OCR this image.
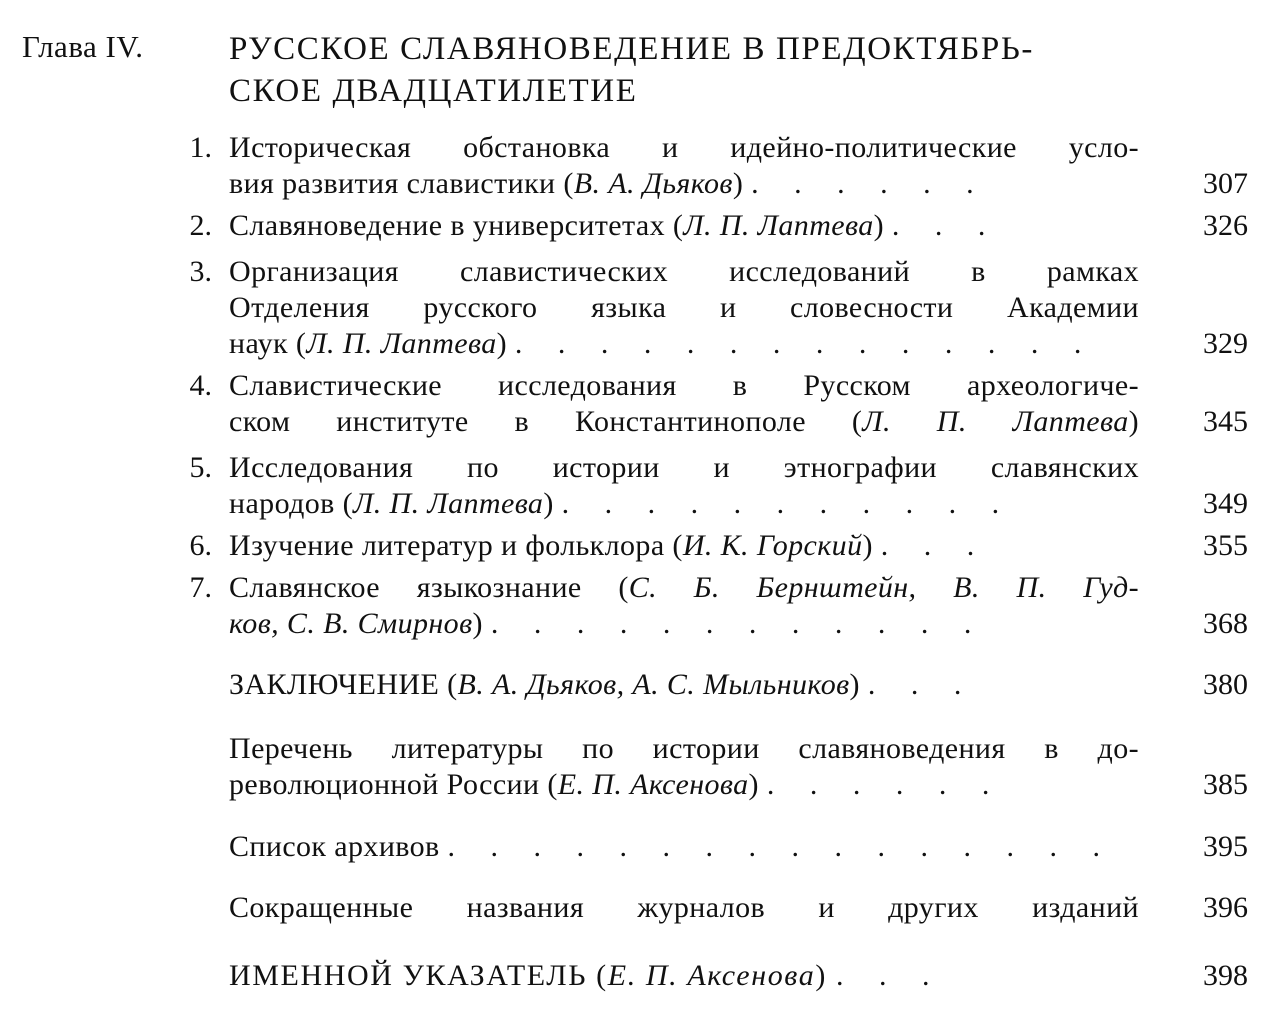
Глава IV.	РУССКОЕ СЛАВЯНОВЕДЕНИЕ В ПРЕДОКТЯБРЬ-
СКОЕ ДВАДЦАТИЛЕТИЕ
1. Историческая обстановка и идейно-политические усло-
вия развития славистики (В. А. Дьяков) . . . . . .	307
2. Славяноведение в университетах (Л. П. Лаптева) . . .	326
3. Организация славистических исследований в рамках
Отделения русского языка и словесности Академии
наук (Л. П. Лаптева) . . . . . . . . . . . . . .	329
4. Славистические исследования в Русском археологиче-
ском институте в Константинополе (Л. П. Лаптева)	345
5. Исследования по истории и этнографии славянских
народов (Л. П. Лаптева) . . . . . . . . . . .	349
6. Изучение литератур и фольклора (И. К. Горский) . . .	355
7. Славянское языкознание (С. Б. Бернштейн, В. П. Гуд-
ков, С. В. Смирнов) . . . . . . . . . . . .	368
ЗАКЛЮЧЕНИЕ (В. А. Дьяков, А. С. Мыльников) . . .	380
Перечень литературы по истории славяноведения в до-
революционной России (Е. П. Аксенова) . . . . . .	385
Список архивов . . . . . . . . . . . . . . . .	395
Сокращенные названия журналов и других изданий	396
ИМЕННОЙ УКАЗАТЕЛЬ (Е. П. Аксенова) . . .	398
